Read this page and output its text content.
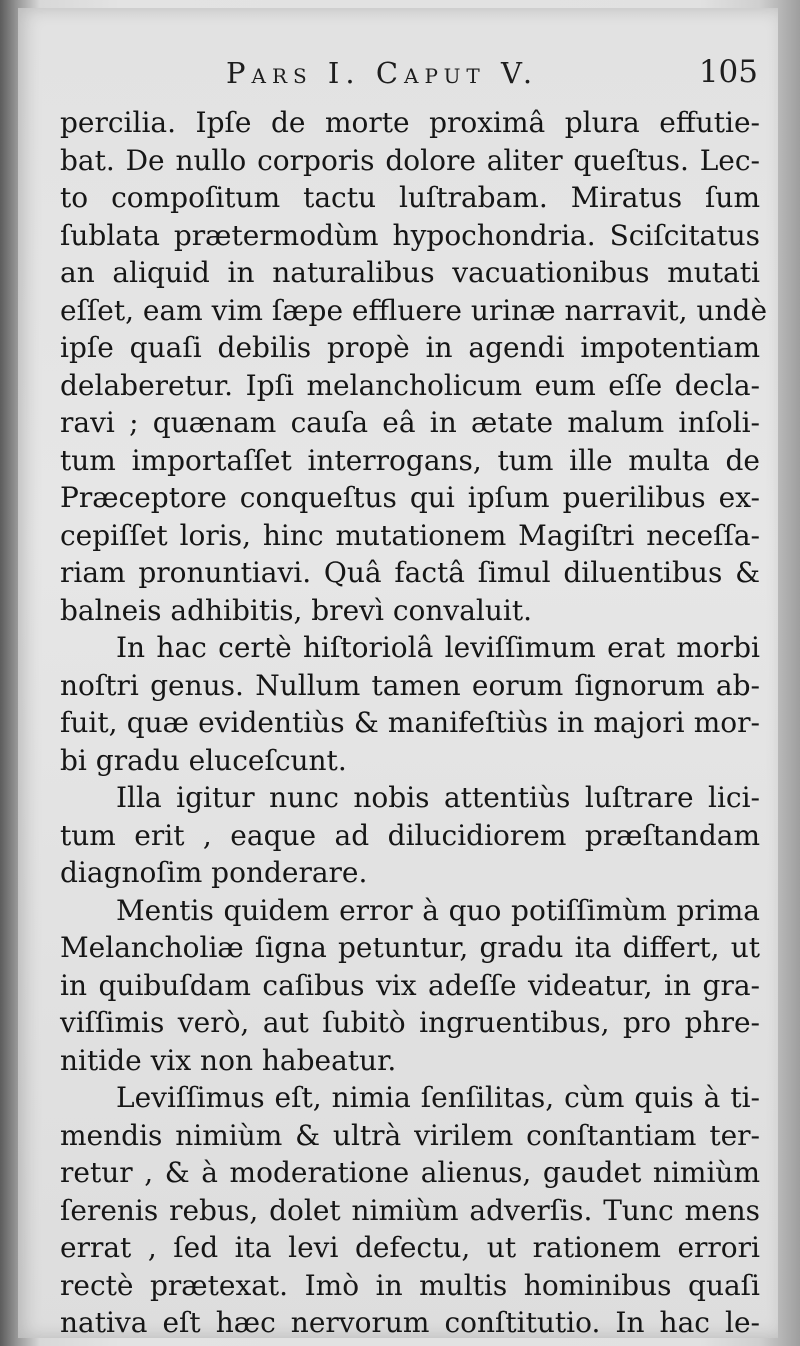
Pars I. Caput V.	105
percilia. Ipſe de morte proximâ plura effutie-
bat. De nullo corporis dolore aliter queſtus. Lec-
to compoſitum tactu luſtrabam. Miratus ſum
ſublata prætermodùm hypochondria. Sciſcitatus
an aliquid in naturalibus vacuationibus mutati
eſſet, eam vim ſæpe effluere urinæ narravit, undè
ipſe quaſi debilis propè in agendi impotentiam
delaberetur. Ipſi melancholicum eum eſſe decla-
ravi ; quænam cauſa eâ in ætate malum inſoli-
tum importaſſet interrogans, tum ille multa de
Præceptore conqueſtus qui ipſum puerilibus ex-
cepiſſet loris, hinc mutationem Magiſtri neceſſa-
riam pronuntiavi. Quâ factâ ſimul diluentibus &
balneis adhibitis, brevì convaluit.
In hac certè hiſtoriolâ leviſſimum erat morbi
noſtri genus. Nullum tamen eorum ſignorum ab-
fuit, quæ evidentiùs & manifeſtiùs in majori mor-
bi gradu eluceſcunt.
Illa igitur nunc nobis attentiùs luſtrare lici-
tum erit , eaque ad dilucidiorem præſtandam
diagnoſim ponderare.
Mentis quidem error à quo potiſſimùm prima
Melancholiæ ſigna petuntur, gradu ita differt, ut
in quibuſdam caſibus vix adeſſe videatur, in gra-
viſſimis verò, aut ſubitò ingruentibus, pro phre-
nitide vix non habeatur.
Leviſſimus eſt, nimia ſenſilitas, cùm quis à ti-
mendis nimiùm & ultrà virilem conſtantiam ter-
retur , & à moderatione alienus, gaudet nimiùm
ſerenis rebus, dolet nimiùm adverſis. Tunc mens
errat , ſed ita levi defectu, ut rationem errori
rectè prætexat. Imò in multis hominibus quaſi
nativa eſt hæc nervorum conſtitutio. In hac le-
